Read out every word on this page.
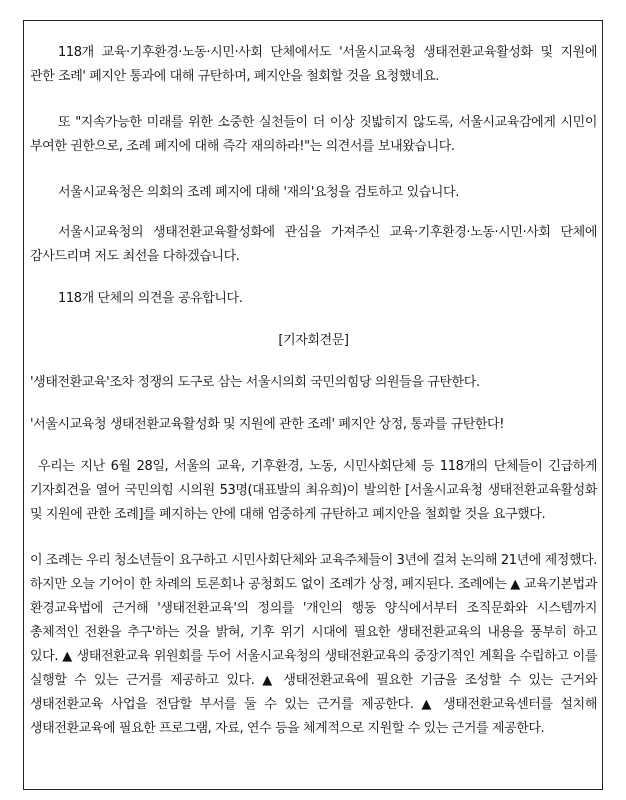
118개 교육·기후환경·노동·시민·사회 단체에서도 '서울시교육청 생태전환교육활성화 및 지원에 관한 조례' 폐지안 통과에 대해 규탄하며, 폐지안을 철회할 것을 요청했네요.

또 "지속가능한 미래를 위한 소중한 실천들이 더 이상 짓밟히지 않도록, 서울시교육감에게 시민이 부여한 권한으로, 조례 폐지에 대해 즉각 재의하라!"는 의견서를 보내왔습니다.

서울시교육청은 의회의 조례 폐지에 대해 '재의'요청을 검토하고 있습니다.

서울시교육청의 생태전환교육활성화에 관심을 가져주신 교육·기후환경·노동·시민·사회 단체에 감사드리며 저도 최선을 다하겠습니다.

118개 단체의 의견을 공유합니다.

[기자회견문]

'생태전환교육'조차 정쟁의 도구로 삼는 서울시의회 국민의힘당 의원들을 규탄한다.

'서울시교육청 생태전환교육활성화 및 지원에 관한 조례' 폐지안 상정, 통과를 규탄한다!

우리는 지난 6월 28일, 서울의 교육, 기후환경, 노동, 시민사회단체 등 118개의 단체들이 긴급하게 기자회견을 열어 국민의힘 시의원 53명(대표발의 최유희)이 발의한 [서울시교육청 생태전환교육활성화 및 지원에 관한 조례]를 폐지하는 안에 대해 엄중하게 규탄하고 폐지안을 철회할 것을 요구했다.

이 조례는 우리 청소년들이 요구하고 시민사회단체와 교육주체들이 3년에 걸쳐 논의해 21년에 제정했다. 하지만 오늘 기어이 한 차례의 토론회나 공청회도 없이 조례가 상정, 폐지된다. 조례에는 ▲ 교육기본법과 환경교육법에 근거해 '생태전환교육'의 정의를 '개인의 행동 양식에서부터 조직문화와 시스템까지 총체적인 전환을 추구'하는 것을 밝혀, 기후 위기 시대에 필요한 생태전환교육의 내용을 풍부히 하고 있다. ▲ 생태전환교육 위원회를 두어 서울시교육청의 생태전환교육의 중장기적인 계획을 수립하고 이를 실행할 수 있는 근거를 제공하고 있다. ▲ 생태전환교육에 필요한 기금을 조성할 수 있는 근거와 생태전환교육 사업을 전담할 부서를 둘 수 있는 근거를 제공한다. ▲ 생태전환교육센터를 설치해 생태전환교육에 필요한 프로그램, 자료, 연수 등을 체계적으로 지원할 수 있는 근거를 제공한다.
